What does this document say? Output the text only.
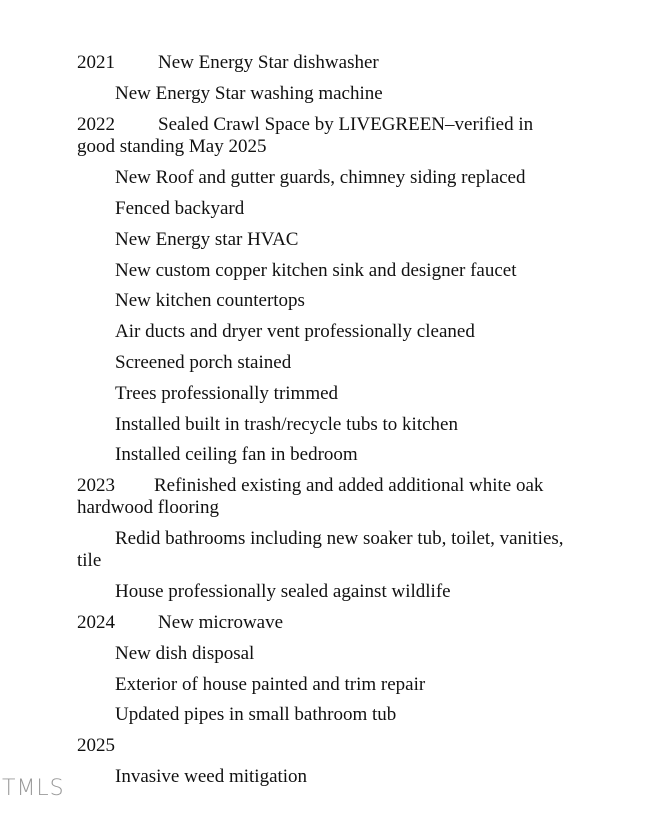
2021 New Energy Star dishwasher
New Energy Star washing machine
2022 Sealed Crawl Space by LIVEGREEN–verified in
good standing May 2025
New Roof and gutter guards, chimney siding replaced
Fenced backyard
New Energy star HVAC
New custom copper kitchen sink and designer faucet
New kitchen countertops
Air ducts and dryer vent professionally cleaned
Screened porch stained
Trees professionally trimmed
Installed built in trash/recycle tubs to kitchen
Installed ceiling fan in bedroom
2023 Refinished existing and added additional white oak
hardwood flooring
Redid bathrooms including new soaker tub, toilet, vanities,
tile
House professionally sealed against wildlife
2024 New microwave
New dish disposal
Exterior of house painted and trim repair
Updated pipes in small bathroom tub
2025
Invasive weed mitigation
TMLS
